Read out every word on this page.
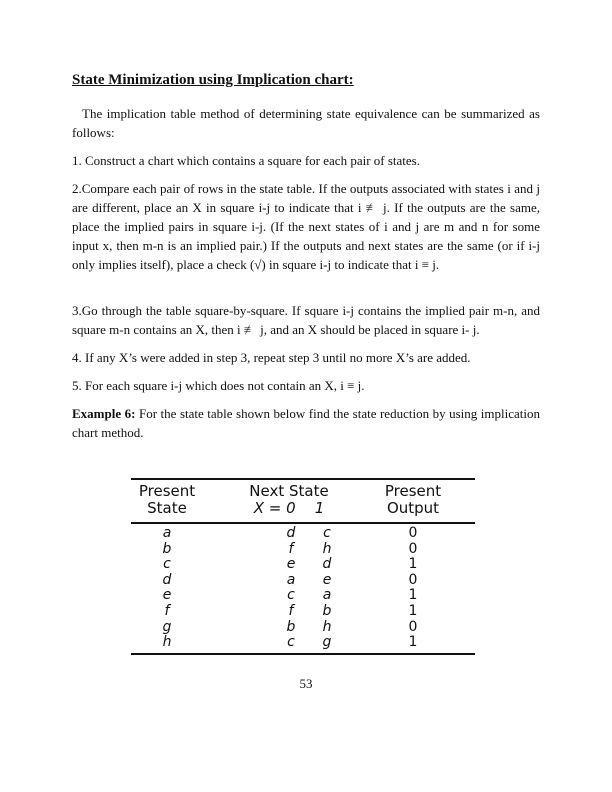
State Minimization using Implication chart:

The implication table method of determining state equivalence can be summarized as follows:

1. Construct a chart which contains a square for each pair of states.

2.Compare each pair of rows in the state table. If the outputs associated with states i and j are different, place an X in square i-j to indicate that i ≢ j. If the outputs are the same, place the implied pairs in square i-j. (If the next states of i and j are m and n for some input x, then m-n is an implied pair.) If the outputs and next states are the same (or if i-j only implies itself), place a check (√) in square i-j to indicate that i ≡ j.

3.Go through the table square-by-square. If square i-j contains the implied pair m-n, and square m-n contains an X, then i ≢ j, and an X should be placed in square i- j.

4. If any X’s were added in step 3, repeat step 3 until no more X’s are added.

5. For each square i-j which does not contain an X, i ≡ j.

Example 6: For the state table shown below find the state reduction by using implication chart method.

Present
State
Next State
X = 0    1
Present
Output
a	d	c	0
b	f	h	0
c	e	d	1
d	a	e	0
e	c	a	1
f	f	b	1
g	b	h	0
h	c	g	1
53
